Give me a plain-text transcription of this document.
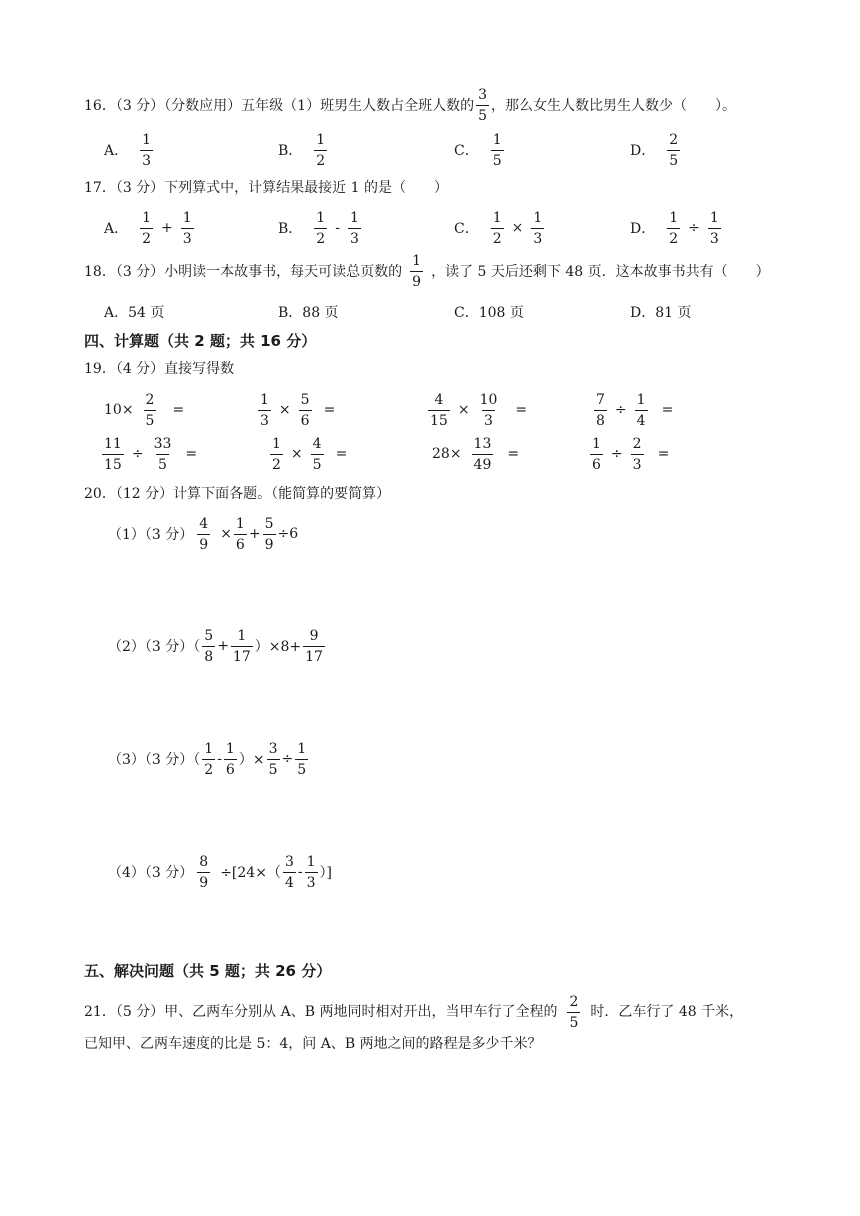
16．（3 分）（分数应用）五年级（1）班男生人数占全班人数的 $\frac{3}{5}$ ，那么女生人数比男生人数少（　　）。
A． $\frac{1}{3}$	B． $\frac{1}{2}$	C． $\frac{1}{5}$	D． $\frac{2}{5}$
17．（3 分）下列算式中，计算结果最接近 1 的是（　　）
A． $\frac{1}{2} + \frac{1}{3}$	B． $\frac{1}{2} - \frac{1}{3}$	C． $\frac{1}{2} \times \frac{1}{3}$	D． $\frac{1}{2} \div \frac{1}{3}$
18．（3 分）小明读一本故事书，每天可读总页数的 $\frac{1}{9}$ ，读了 5 天后还剩下 48 页．这本故事书共有（　　）
A．54 页	B．88 页	C．108 页	D．81 页
四、计算题（共 2 题；共 16 分）
19．（4 分）直接写得数
$10\times \frac{2}{5}$ =	$\frac{1}{3} \times \frac{5}{6}$ =	$\frac{4}{15} \times \frac{10}{3}$ =	$\frac{7}{8} \div \frac{1}{4}$ =
$\frac{11}{15} \div \frac{33}{5}$ =	$\frac{1}{2} \times \frac{4}{5}$ =	$28\times \frac{13}{49}$ =	$\frac{1}{6} \div \frac{2}{3}$ =
20．（12 分）计算下面各题。（能简算的要简算）
（1）（3 分） $\frac{4}{9} \times \frac{1}{6} + \frac{5}{9} \div 6$
（2）（3 分）（ $\frac{5}{8} + \frac{1}{17} )\times 8+ \frac{9}{17}$
（3）（3 分）（ $\frac{1}{2} - \frac{1}{6}$ ）× $\frac{3}{5} \div \frac{1}{5}$
（4）（3 分） $\frac{8}{9} \div[24\times( \frac{3}{4} - \frac{1}{3}$ ）]
五、解决问题（共 5 题；共 26 分）
21．（5 分）甲、乙两车分别从 A、B 两地同时相对开出，当甲车行了全程的 $\frac{2}{5}$ 时．乙车行了 48 千米，
已知甲、乙两车速度的比是 5：4，问 A、B 两地之间的路程是多少千米？
